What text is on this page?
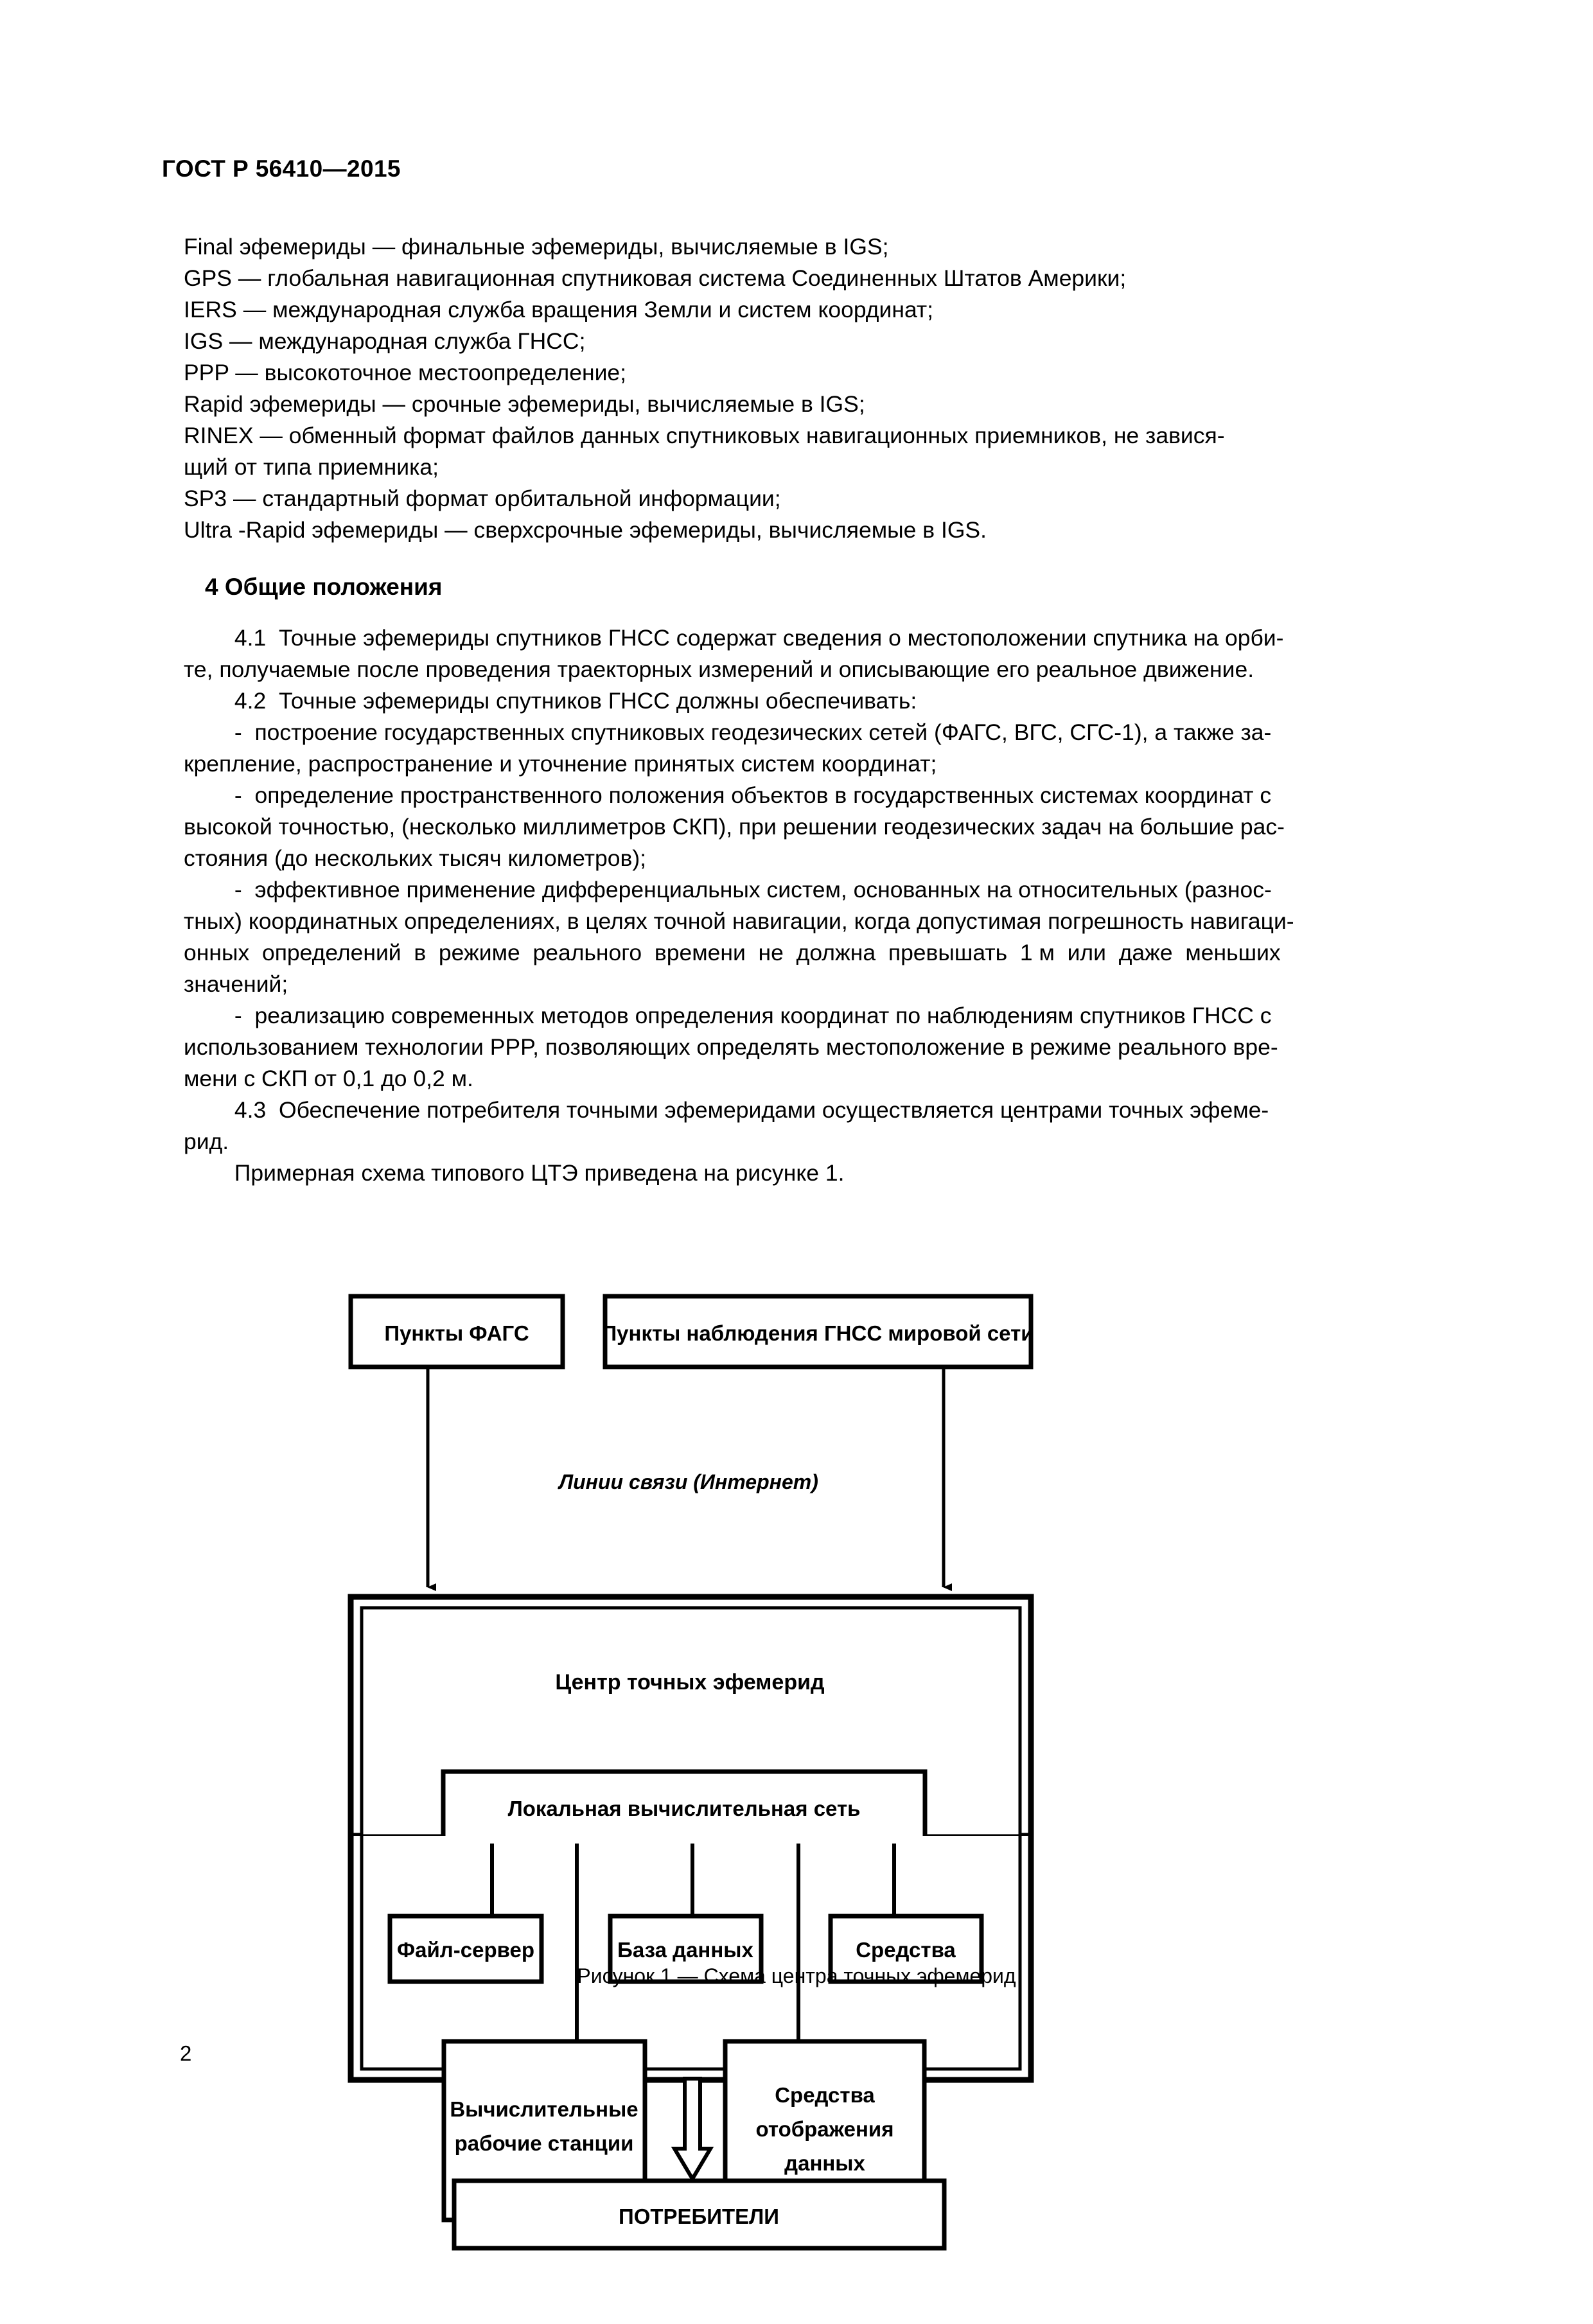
ГОСТ Р 56410—2015
Final эфемериды — финальные эфемериды, вычисляемые в IGS;
GPS — глобальная навигационная спутниковая система Соединенных Штатов Америки;
IERS — международная служба вращения Земли и систем координат;
IGS — международная служба ГНСС;
PPP — высокоточное местоопределение;
Rapid эфемериды — срочные эфемериды, вычисляемые в IGS;
RINEX — обменный формат файлов данных спутниковых навигационных приемников, не завися-
щий от типа приемника;
SP3 — стандартный формат орбитальной информации;
Ultra -Rapid эфемериды — сверхсрочные эфемериды, вычисляемые в IGS.
4 Общие положения
4.1  Точные эфемериды спутников ГНСС содержат сведения о местоположении спутника на орби-
те, получаемые после проведения траекторных измерений и описывающие его реальное движение.
4.2  Точные эфемериды спутников ГНСС должны обеспечивать:
-  построение государственных спутниковых геодезических сетей (ФАГС, ВГС, СГС-1), а также за-
крепление, распространение и уточнение принятых систем координат;
-  определение пространственного положения объектов в государственных системах координат с
высокой точностью, (несколько миллиметров СКП), при решении геодезических задач на большие рас-
стояния (до нескольких тысяч километров);
-  эффективное применение дифференциальных систем, основанных на относительных (разнос-
тных) координатных определениях, в целях точной навигации, когда допустимая погрешность навигаци-
онных  определений  в  режиме  реального  времени  не  должна  превышать  1 м  или  даже  меньших
значений;
-  реализацию современных методов определения координат по наблюдениям спутников ГНСС с
использованием технологии PPP, позволяющих определять местоположение в режиме реального вре-
мени с СКП от 0,1 до 0,2 м.
4.3  Обеспечение потребителя точными эфемеридами осуществляется центрами точных эфеме-
рид.
Примерная схема типового ЦТЭ приведена на рисунке 1.
Пункты ФАГС	Пункты наблюдения ГНСС мировой сети
Линии связи (Интернет)
Центр точных эфемерид
Локальная вычислительная сеть
Файл-сервер	База данных	Средства
Вычислительные
рабочие станции
Средства
отображения
данных
ПОТРЕБИТЕЛИ
Рисунок 1 — Схема центра точных эфемерид
2
